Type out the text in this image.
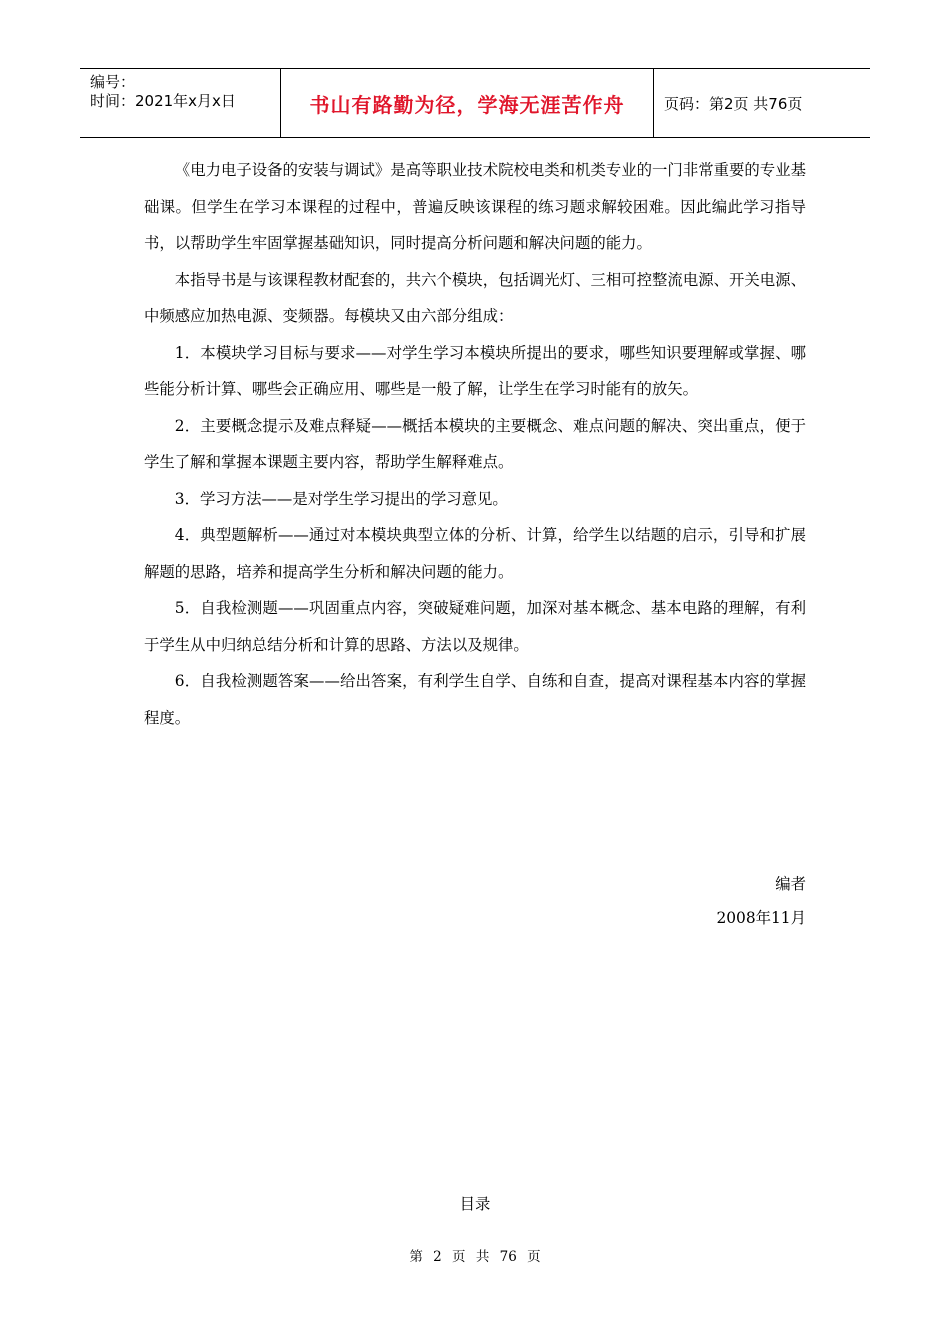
编号：
时间：2021年x月x日	书山有路勤为径，学海无涯苦作舟	页码：第2页 共76页

《电力电子设备的安装与调试》是高等职业技术院校电类和机类专业的一门非常重要的专业基础课。但学生在学习本课程的过程中，普遍反映该课程的练习题求解较困难。因此编此学习指导书，以帮助学生牢固掌握基础知识，同时提高分析问题和解决问题的能力。

本指导书是与该课程教材配套的，共六个模块，包括调光灯、三相可控整流电源、开关电源、中频感应加热电源、变频器。每模块又由六部分组成：

1．本模块学习目标与要求——对学生学习本模块所提出的要求，哪些知识要理解或掌握、哪些能分析计算、哪些会正确应用、哪些是一般了解，让学生在学习时能有的放矢。

2．主要概念提示及难点释疑——概括本模块的主要概念、难点问题的解决、突出重点，便于学生了解和掌握本课题主要内容，帮助学生解释难点。

3．学习方法——是对学生学习提出的学习意见。

4．典型题解析——通过对本模块典型立体的分析、计算，给学生以结题的启示，引导和扩展解题的思路，培养和提高学生分析和解决问题的能力。

5．自我检测题——巩固重点内容，突破疑难问题，加深对基本概念、基本电路的理解，有利于学生从中归纳总结分析和计算的思路、方法以及规律。

6．自我检测题答案——给出答案，有利学生自学、自练和自查，提高对课程基本内容的掌握程度。

编者
2008年11月
目录
第 2 页 共 76 页
